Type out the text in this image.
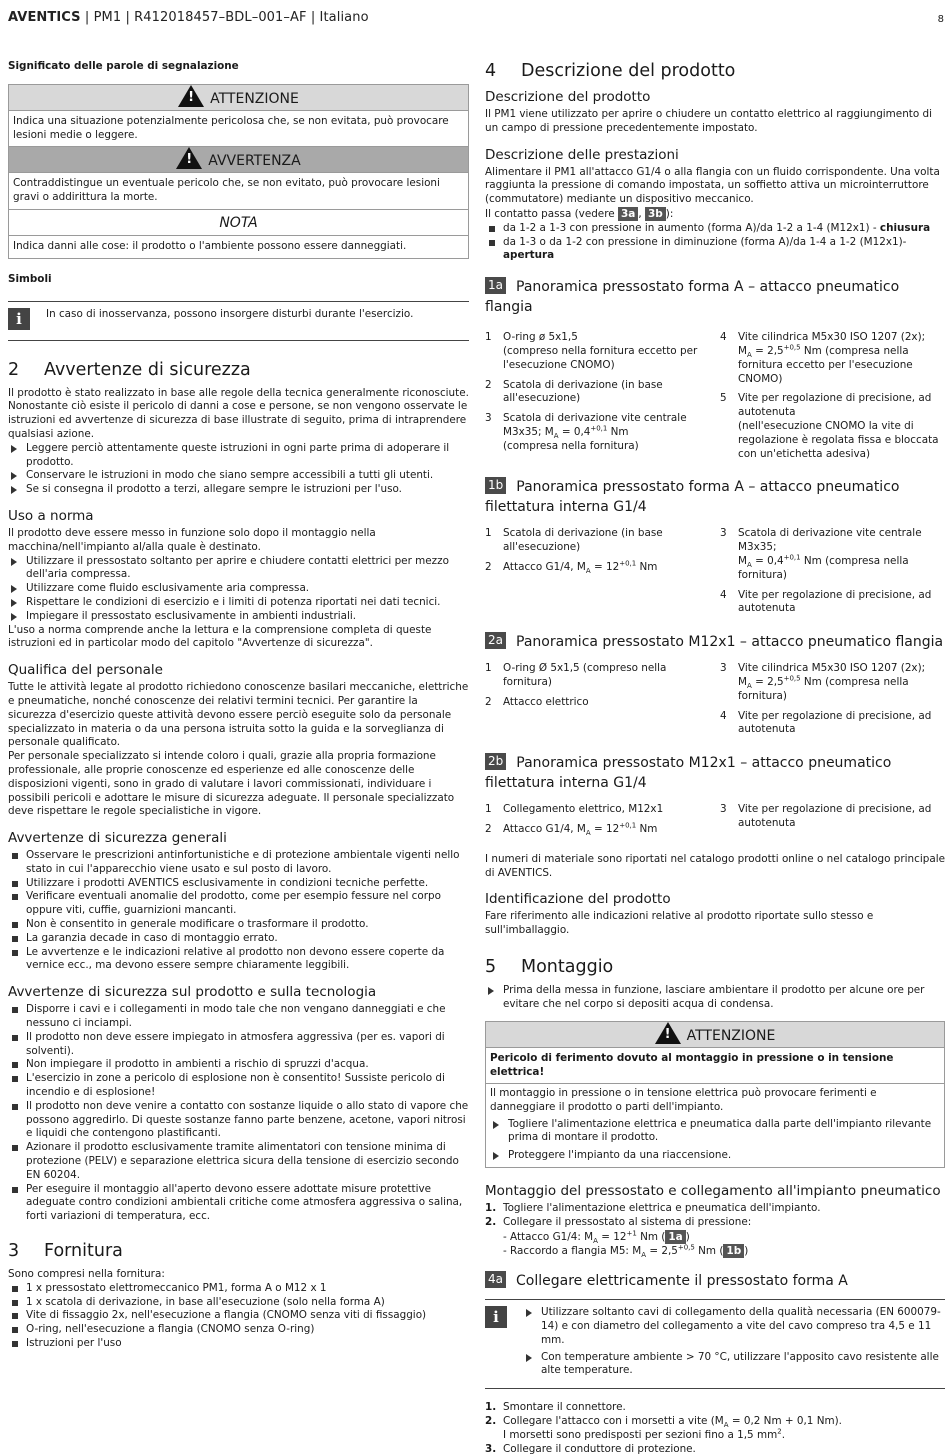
AVENTICS | PM1 | R412018457–BDL–001–AF | Italiano	8
Significato delle parole di segnalazione
! ATTENZIONE
Indica una situazione potenzialmente pericolosa che, se non evitata, può provocare lesioni medie o leggere.
! AVVERTENZA
Contraddistingue un eventuale pericolo che, se non evitato, può provocare lesioni gravi o addirittura la morte.
NOTA
Indica danni alle cose: il prodotto o l'ambiente possono essere danneggiati.
Simboli
i	In caso di inosservanza, possono insorgere disturbi durante l'esercizio.
2 Avvertenze di sicurezza

Il prodotto è stato realizzato in base alle regole della tecnica generalmente riconosciute. Nonostante ciò esiste il pericolo di danni a cose e persone, se non vengono osservate le istruzioni ed avvertenze di sicurezza di base illustrate di seguito, prima di intraprendere qualsiasi azione.

Leggere perciò attentamente queste istruzioni in ogni parte prima di adoperare il prodotto.
Conservare le istruzioni in modo che siano sempre accessibili a tutti gli utenti.
Se si consegna il prodotto a terzi, allegare sempre le istruzioni per l'uso.
Uso a norma

Il prodotto deve essere messo in funzione solo dopo il montaggio nella macchina/nell'impianto al/alla quale è destinato.

Utilizzare il pressostato soltanto per aprire e chiudere contatti elettrici per mezzo dell'aria compressa.
Utilizzare come fluido esclusivamente aria compressa.
Rispettare le condizioni di esercizio e i limiti di potenza riportati nei dati tecnici.
Impiegare il pressostato esclusivamente in ambienti industriali.

L'uso a norma comprende anche la lettura e la comprensione completa di queste istruzioni ed in particolar modo del capitolo "Avvertenze di sicurezza".

Qualifica del personale

Tutte le attività legate al prodotto richiedono conoscenze basilari meccaniche, elettriche e pneumatiche, nonché conoscenze dei relativi termini tecnici. Per garantire la sicurezza d'esercizio queste attività devono essere perciò eseguite solo da personale specializzato in materia o da una persona istruita sotto la guida e la sorveglianza di personale qualificato.

Per personale specializzato si intende coloro i quali, grazie alla propria formazione professionale, alle proprie conoscenze ed esperienze ed alle conoscenze delle disposizioni vigenti, sono in grado di valutare i lavori commissionati, individuare i possibili pericoli e adottare le misure di sicurezza adeguate. Il personale specializzato deve rispettare le regole specialistiche in vigore.

Avvertenze di sicurezza generali
Osservare le prescrizioni antinfortunistiche e di protezione ambientale vigenti nello stato in cui l'apparecchio viene usato e sul posto di lavoro.
Utilizzare i prodotti AVENTICS esclusivamente in condizioni tecniche perfette.
Verificare eventuali anomalie del prodotto, come per esempio fessure nel corpo oppure viti, cuffie, guarnizioni mancanti.
Non è consentito in generale modificare o trasformare il prodotto.
La garanzia decade in caso di montaggio errato.
Le avvertenze e le indicazioni relative al prodotto non devono essere coperte da vernice ecc., ma devono essere sempre chiaramente leggibili.
Avvertenze di sicurezza sul prodotto e sulla tecnologia
Disporre i cavi e i collegamenti in modo tale che non vengano danneggiati e che nessuno ci inciampi.
Il prodotto non deve essere impiegato in atmosfera aggressiva (per es. vapori di solventi).
Non impiegare il prodotto in ambienti a rischio di spruzzi d'acqua.
L'esercizio in zone a pericolo di esplosione non è consentito! Sussiste pericolo di incendio e di esplosione!
Il prodotto non deve venire a contatto con sostanze liquide o allo stato di vapore che possono aggredirlo. Di queste sostanze fanno parte benzene, acetone, vapori nitrosi e liquidi che contengono plastificanti.
Azionare il prodotto esclusivamente tramite alimentatori con tensione minima di protezione (PELV) e separazione elettrica sicura della tensione di esercizio secondo EN 60204.
Per eseguire il montaggio all'aperto devono essere adottate misure protettive adeguate contro condizioni ambientali critiche come atmosfera aggressiva o salina, forti variazioni di temperatura, ecc.
3 Fornitura

Sono compresi nella fornitura:

1 x pressostato elettromeccanico PM1, forma A o M12 x 1
1 x scatola di derivazione, in base all'esecuzione (solo nella forma A)
Vite di fissaggio 2x, nell'esecuzione a flangia (CNOMO senza viti di fissaggio)
O-ring, nell'esecuzione a flangia (CNOMO senza O-ring)
Istruzioni per l'uso
4 Descrizione del prodotto
Descrizione del prodotto

Il PM1 viene utilizzato per aprire o chiudere un contatto elettrico al raggiungimento di un campo di pressione precedentemente impostato.

Descrizione delle prestazioni

Alimentare il PM1 all'attacco G1/4 o alla flangia con un fluido corrispondente. Una volta raggiunta la pressione di comando impostata, un soffietto attiva un microinterruttore (commutatore) mediante un dispositivo meccanico.

Il contatto passa (vedere 3a , 3b ):

da 1-2 a 1-3 con pressione in aumento (forma A)/da 1-2 a 1-4 (M12x1) - chiusura
da 1-3 o da 1-2 con pressione in diminuzione (forma A)/da 1-4 a 1-2 (M12x1)- apertura
1a Panoramica pressostato forma A – attacco pneumatico flangia
1	O-ring ø 5x1,5
(compreso nella fornitura eccetto per l'esecuzione CNOMO)
2	Scatola di derivazione (in base all'esecuzione)
3	Scatola di derivazione vite centrale M3x35; $M_A = 0,4^{+0,1}$ Nm
(compresa nella fornitura)
4	Vite cilindrica M5x30 ISO 1207 (2x);
$M_A = 2,5^{+0,5}$ Nm (compresa nella fornitura eccetto per l'esecuzione CNOMO)
5	Vite per regolazione di precisione, ad autotenuta
(nell'esecuzione CNOMO la vite di regolazione è regolata fissa e bloccata con un'etichetta adesiva)
1b Panoramica pressostato forma A – attacco pneumatico filettatura interna G1/4
1	Scatola di derivazione (in base all'esecuzione)
2	Attacco G1/4, $M_A = 12^{+0,1}$ Nm
3	Scatola di derivazione vite centrale M3x35;
$M_A = 0,4^{+0,1}$ Nm (compresa nella fornitura)
4	Vite per regolazione di precisione, ad autotenuta
2a Panoramica pressostato M12x1 – attacco pneumatico flangia
1	O-ring Ø 5x1,5 (compreso nella fornitura)
2	Attacco elettrico
3	Vite cilindrica M5x30 ISO 1207 (2x);
$M_A = 2,5^{+0,5}$ Nm (compresa nella fornitura)
4	Vite per regolazione di precisione, ad autotenuta
2b Panoramica pressostato M12x1 – attacco pneumatico filettatura interna G1/4
1	Collegamento elettrico, M12x1
2	Attacco G1/4, $M_A = 12^{+0,1}$ Nm
3	Vite per regolazione di precisione, ad autotenuta

I numeri di materiale sono riportati nel catalogo prodotti online o nel catalogo principale di AVENTICS.

Identificazione del prodotto

Fare riferimento alle indicazioni relative al prodotto riportate sullo stesso e sull'imballaggio.

5 Montaggio
Prima della messa in funzione, lasciare ambientare il prodotto per alcune ore per evitare che nel corpo si depositi acqua di condensa.
! ATTENZIONE
Pericolo di ferimento dovuto al montaggio in pressione o in tensione elettrica!

Il montaggio in pressione o in tensione elettrica può provocare ferimenti e danneggiare il prodotto o parti dell'impianto.

Togliere l'alimentazione elettrica e pneumatica dalla parte dell'impianto rilevante prima di montare il prodotto.
Proteggere l'impianto da una riaccensione.
Montaggio del pressostato e collegamento all'impianto pneumatico
1. Togliere l'alimentazione elettrica e pneumatica dell'impianto.
2. Collegare il pressostato al sistema di pressione:
- Attacco G1/4: $M_A = 12^{+1}$ Nm ( 1a )
- Raccordo a flangia M5: $M_A = 2,5^{+0,5}$ Nm ( 1b )
4a Collegare elettricamente il pressostato forma A
i	Utilizzare soltanto cavi di collegamento della qualità necessaria (EN 600079-14) e con diametro del collegamento a vite del cavo compreso tra 4,5 e 11 mm.
Con temperature ambiente > 70 °C, utilizzare l'apposito cavo resistente alle alte temperature.
1. Smontare il connettore.
2. Collegare l'attacco con i morsetti a vite ($M_A = 0,2$ Nm + 0,1 Nm).
I morsetti sono predisposti per sezioni fino a 1,5 $mm^2$.
3. Collegare il conduttore di protezione.
